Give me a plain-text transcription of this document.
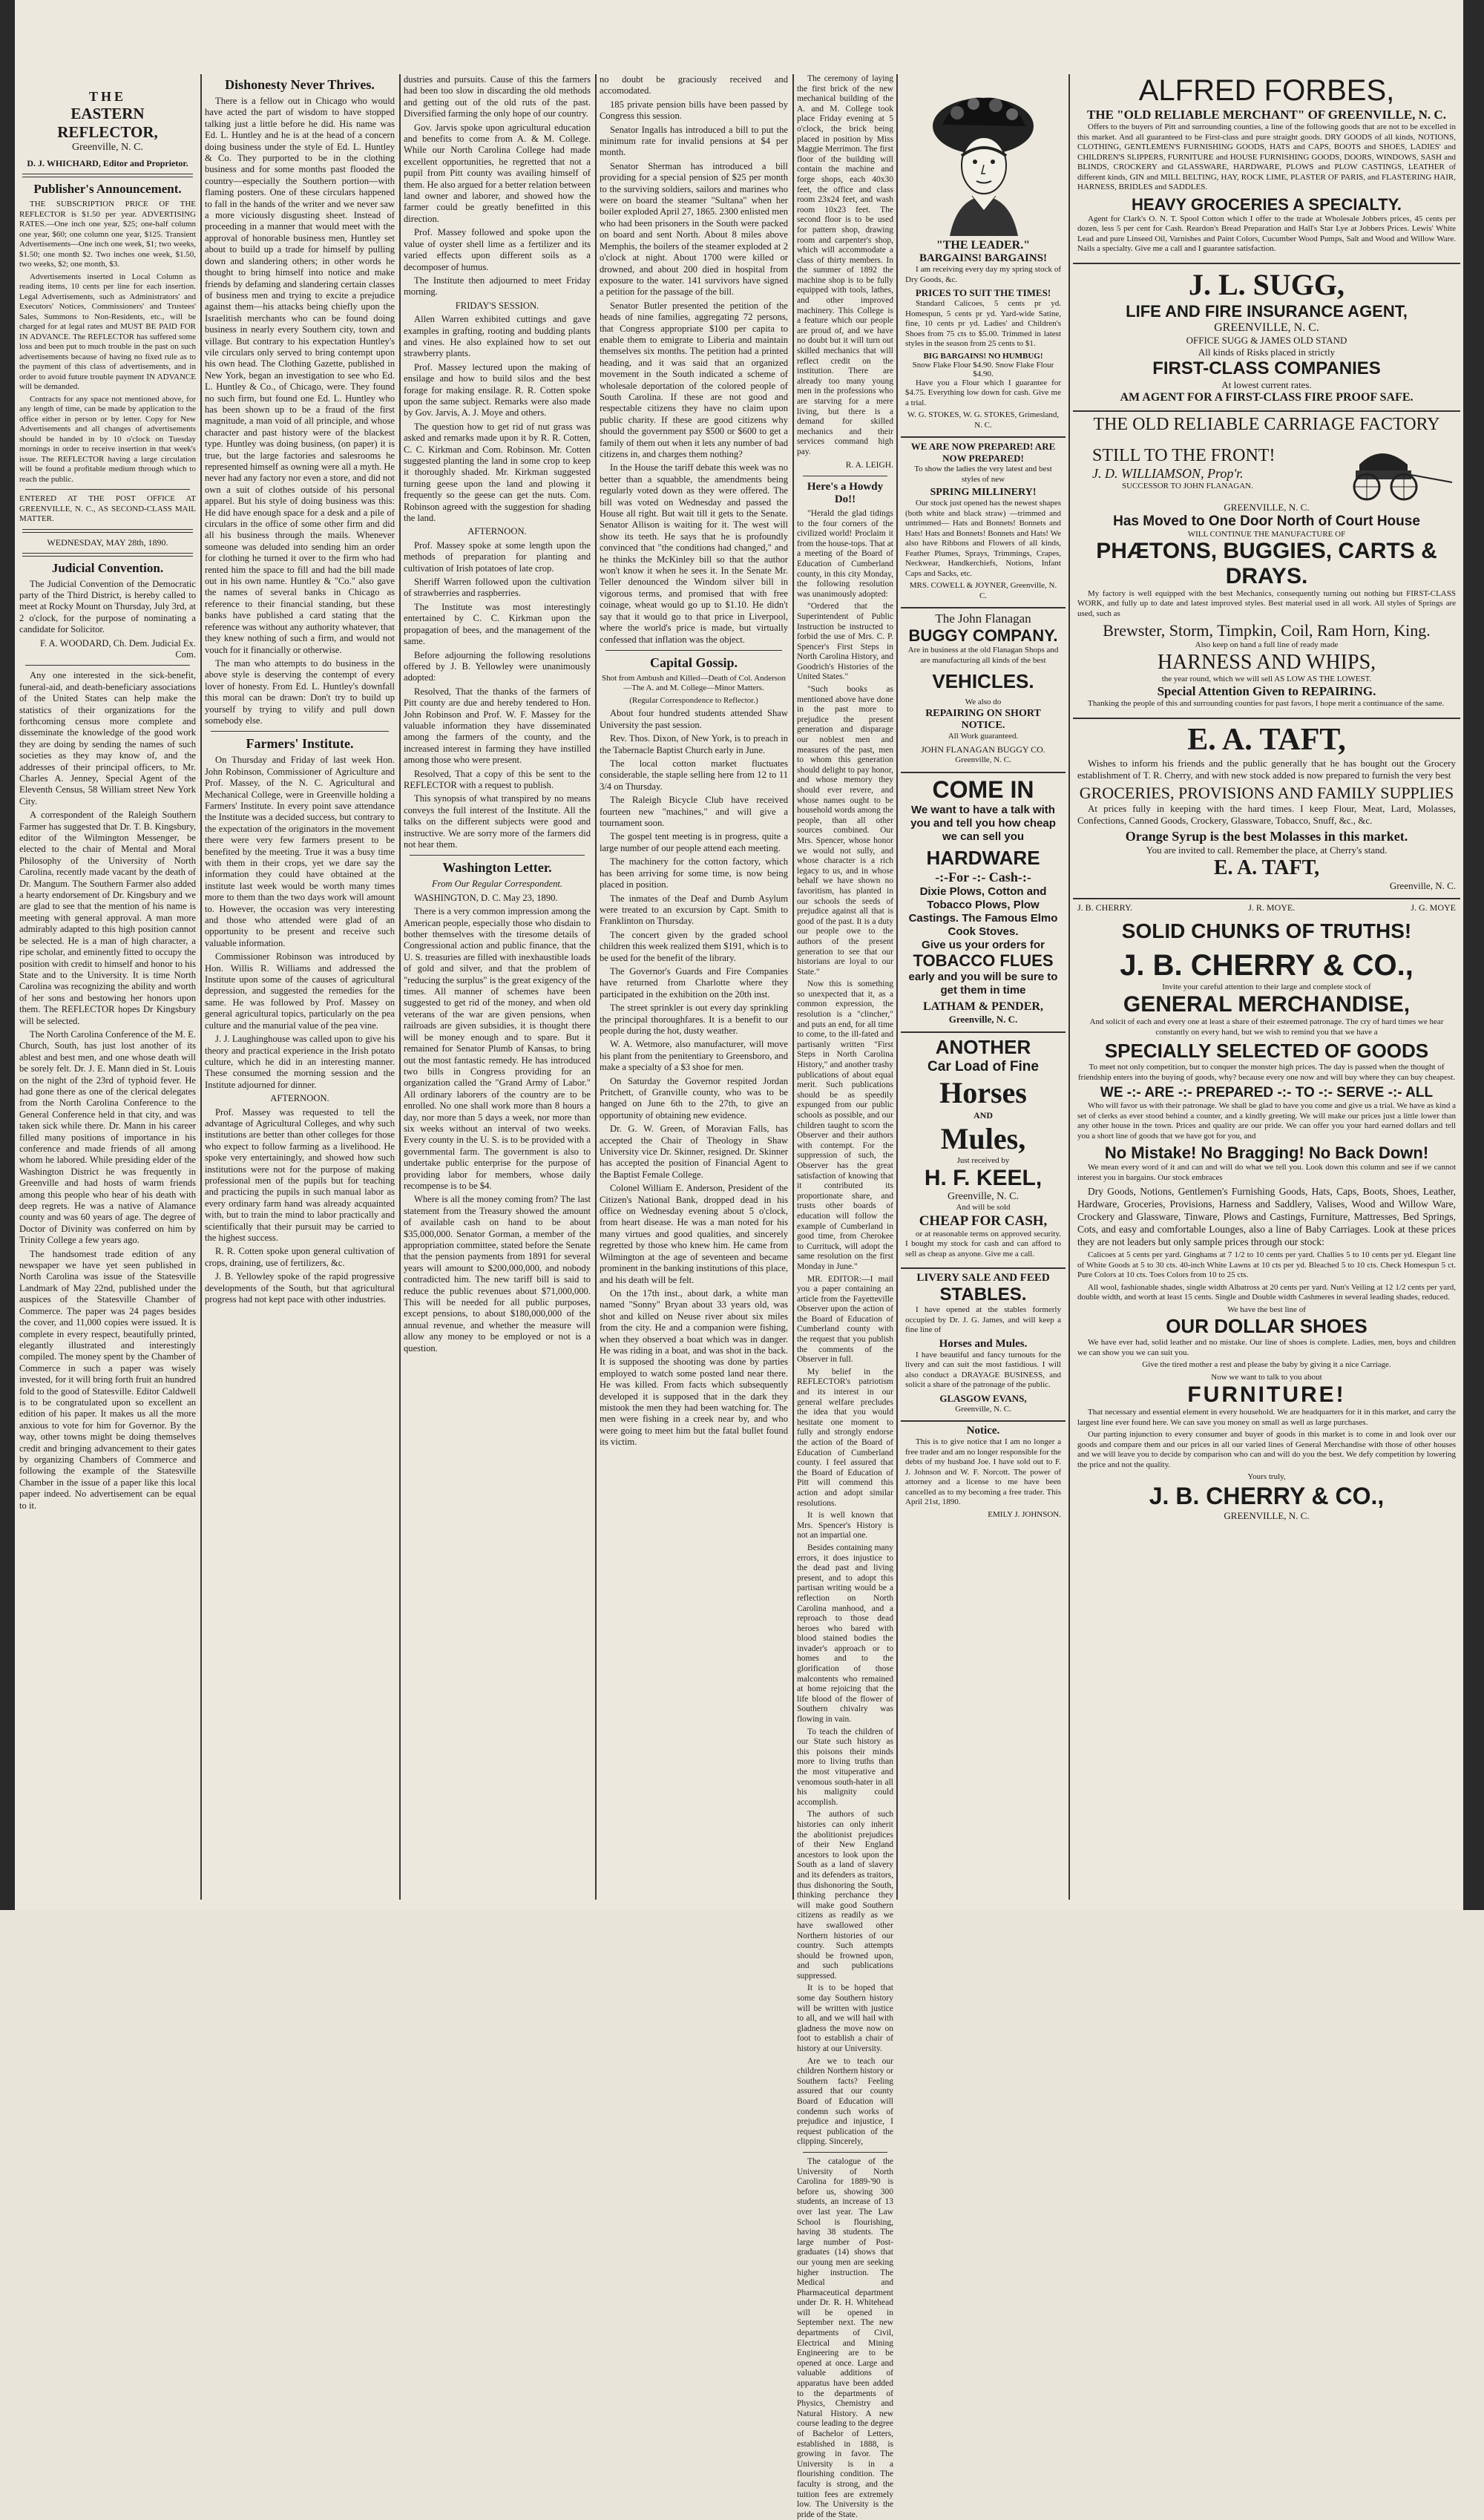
THE
EASTERN REFLECTOR,
Greenville, N. C.
D. J. WHICHARD, Editor and Proprietor.
Publisher's Announcement.

THE SUBSCRIPTION PRICE OF THE REFLECTOR is $1.50 per year. ADVERTISING RATES.—One inch one year, $25; one-half column one year, $60; one column one year, $125. Transient Advertisements—One inch one week, $1; two weeks, $1.50; one month $2. Two inches one week, $1.50, two weeks, $2; one month, $3.

Advertisements inserted in Local Column as reading items, 10 cents per line for each insertion. Legal Advertisements, such as Administrators' and Executors' Notices, Commissioners' and Trustees' Sales, Summons to Non-Residents, etc., will be charged for at legal rates and MUST BE PAID FOR IN ADVANCE. The REFLECTOR has suffered some loss and been put to much trouble in the past on such advertisements because of having no fixed rule as to the payment of this class of advertisements, and in order to avoid future trouble payment IN ADVANCE will be demanded.

Contracts for any space not mentioned above, for any length of time, can be made by application to the office either in person or by letter. Copy for New Advertisements and all changes of advertisements should be handed in by 10 o'clock on Tuesday mornings in order to receive insertion in that week's issue. The REFLECTOR having a large circulation will be found a profitable medium through which to reach the public.

ENTERED AT THE POST OFFICE AT GREENVILLE, N. C., AS SECOND-CLASS MAIL MATTER.

WEDNESDAY, MAY 28th, 1890.
Judicial Convention.

The Judicial Convention of the Democratic party of the Third District, is hereby called to meet at Rocky Mount on Thursday, July 3rd, at 2 o'clock, for the purpose of nominating a candidate for Solicitor.

F. A. WOODARD, Ch. Dem. Judicial Ex. Com.

Any one interested in the sick-benefit, funeral-aid, and death-beneficiary associations of the United States can help make the statistics of their organizations for the forthcoming census more complete and disseminate the knowledge of the good work they are doing by sending the names of such societies as they may know of, and the addresses of their principal officers, to Mr. Charles A. Jenney, Special Agent of the Eleventh Census, 58 William street New York City.

A correspondent of the Raleigh Southern Farmer has suggested that Dr. T. B. Kingsbury, editor of the Wilmington Messenger, be elected to the chair of Mental and Moral Philosophy of the University of North Carolina, recently made vacant by the death of Dr. Mangum. The Southern Farmer also added a hearty endorsement of Dr. Kingsbury and we are glad to see that the mention of his name is meeting with general approval. A man more admirably adapted to this high position cannot be selected. He is a man of high character, a ripe scholar, and eminently fitted to occupy the position with credit to himself and honor to his State and to the University. It is time North Carolina was recognizing the ability and worth of her sons and bestowing her honors upon them. The REFLECTOR hopes Dr Kingsbury will be selected.

The North Carolina Conference of the M. E. Church, South, has just lost another of its ablest and best men, and one whose death will be sorely felt. Dr. J. E. Mann died in St. Louis on the night of the 23rd of typhoid fever. He had gone there as one of the clerical delegates from the North Carolina Conference to the General Conference held in that city, and was taken sick while there. Dr. Mann in his career filled many positions of importance in his conference and made friends of all among whom he labored. While presiding elder of the Washington District he was frequently in Greenville and had hosts of warm friends among this people who hear of his death with deep regrets. He was a native of Alamance county and was 60 years of age. The degree of Doctor of Divinity was conferred on him by Trinity College a few years ago.

The handsomest trade edition of any newspaper we have yet seen published in North Carolina was issue of the Statesville Landmark of May 22nd, published under the auspices of the Statesville Chamber of Commerce. The paper was 24 pages besides the cover, and 11,000 copies were issued. It is complete in every respect, beautifully printed, elegantly illustrated and interestingly compiled. The money spent by the Chamber of Commerce in such a paper was wisely invested, for it will bring forth fruit an hundred fold to the good of Statesville. Editor Caldwell is to be congratulated upon so excellent an edition of his paper. It makes us all the more anxious to vote for him for Governor. By the way, other towns might be doing themselves credit and bringing advancement to their gates by organizing Chambers of Commerce and following the example of the Statesville Chamber in the issue of a paper like this local paper indeed. No advertisement can be equal to it.

Dishonesty Never Thrives.

There is a fellow out in Chicago who would have acted the part of wisdom to have stopped talking just a little before he did. His name was Ed. L. Huntley and he is at the head of a concern doing business under the style of Ed. L. Huntley & Co. They purported to be in the clothing business and for some months past flooded the country—especially the Southern portion—with flaming posters. One of these circulars happened to fall in the hands of the writer and we never saw a more viciously disgusting sheet. Instead of proceeding in a manner that would meet with the approval of honorable business men, Huntley set about to build up a trade for himself by pulling down and slandering others; in other words he thought to bring himself into notice and make friends by defaming and slandering certain classes of business men and trying to excite a prejudice against them—his attacks being chiefly upon the Israelitish merchants who can be found doing business in nearly every Southern city, town and village. But contrary to his expectation Huntley's vile circulars only served to bring contempt upon his own head. The Clothing Gazette, published in New York, began an investigation to see who Ed. L. Huntley & Co., of Chicago, were. They found no such firm, but found one Ed. L. Huntley who has been shown up to be a fraud of the first magnitude, a man void of all principle, and whose character and past history were of the blackest type. Huntley was doing business, (on paper) it is true, but the large factories and salesrooms he represented himself as owning were all a myth. He never had any factory nor even a store, and did not own a suit of clothes outside of his personal apparel. But his style of doing business was this: He did have enough space for a desk and a pile of circulars in the office of some other firm and did all his business through the mails. Whenever someone was deluded into sending him an order for clothing he turned it over to the firm who had rented him the space to fill and had the bill made out in his own name. Huntley & "Co." also gave the names of several banks in Chicago as reference to their financial standing, but these banks have published a card stating that the reference was without any authority whatever, that they knew nothing of such a firm, and would not vouch for it financially or otherwise.

The man who attempts to do business in the above style is deserving the contempt of every lover of honesty. From Ed. L. Huntley's downfall this moral can be drawn: Don't try to build up yourself by trying to vilify and pull down somebody else.

Farmers' Institute.

On Thursday and Friday of last week Hon. John Robinson, Commissioner of Agriculture and Prof. Massey, of the N. C. Agricultural and Mechanical College, were in Greenville holding a Farmers' Institute. In every point save attendance the Institute was a decided success, but contrary to the expectation of the originators in the movement there were very few farmers present to be benefited by the meeting. True it was a busy time with them in their crops, yet we dare say the information they could have obtained at the institute last week would be worth many times more to them than the two days work will amount to. However, the occasion was very interesting and those who attended were glad of an opportunity to be present and receive such valuable information.

Commissioner Robinson was introduced by Hon. Willis R. Williams and addressed the Institute upon some of the causes of agricultural depression, and suggested the remedies for the same. He was followed by Prof. Massey on general agricultural topics, particularly on the pea culture and the manurial value of the pea vine.

J. J. Laughinghouse was called upon to give his theory and practical experience in the Irish potato culture, which he did in an interesting manner. These consumed the morning session and the Institute adjourned for dinner.

AFTERNOON.

Prof. Massey was requested to tell the advantage of Agricultural Colleges, and why such institutions are better than other colleges for those who expect to follow farming as a livelihood. He spoke very entertainingly, and showed how such institutions were not for the purpose of making professional men of the pupils but for teaching and practicing the pupils in such manual labor as every ordinary farm hand was already acquainted with, but to train the mind to labor practically and scientifically that their pursuit may be carried to the highest success.

R. R. Cotten spoke upon general cultivation of crops, draining, use of fertilizers, &c.

J. B. Yellowley spoke of the rapid progressive developments of the South, but that agricultural progress had not kept pace with other industries.

dustries and pursuits. Cause of this the farmers had been too slow in discarding the old methods and getting out of the old ruts of the past. Diversified farming the only hope of our country.

Gov. Jarvis spoke upon agricultural education and benefits to come from A. & M. College. While our North Carolina College had made excellent opportunities, he regretted that not a pupil from Pitt county was availing himself of them. He also argued for a better relation between land owner and laborer, and showed how the farmer could be greatly benefitted in this direction.

Prof. Massey followed and spoke upon the value of oyster shell lime as a fertilizer and its varied effects upon different soils as a decomposer of humus.

The Institute then adjourned to meet Friday morning.

FRIDAY'S SESSION.

Allen Warren exhibited cuttings and gave examples in grafting, rooting and budding plants and vines. He also explained how to set out strawberry plants.

Prof. Massey lectured upon the making of ensilage and how to build silos and the best forage for making ensilage. R. R. Cotten spoke upon the same subject. Remarks were also made by Gov. Jarvis, A. J. Moye and others.

The question how to get rid of nut grass was asked and remarks made upon it by R. R. Cotten, C. C. Kirkman and Com. Robinson. Mr. Cotten suggested planting the land in some crop to keep it thoroughly shaded. Mr. Kirkman suggested turning geese upon the land and plowing it frequently so the geese can get the nuts. Com. Robinson agreed with the suggestion for shading the land.

AFTERNOON.

Prof. Massey spoke at some length upon the methods of preparation for planting and cultivation of Irish potatoes of late crop.

Sheriff Warren followed upon the cultivation of strawberries and raspberries.

The Institute was most interestingly entertained by C. C. Kirkman upon the propagation of bees, and the management of the same.

Before adjourning the following resolutions offered by J. B. Yellowley were unanimously adopted:

Resolved, That the thanks of the farmers of Pitt county are due and hereby tendered to Hon. John Robinson and Prof. W. F. Massey for the valuable information they have disseminated among the farmers of the county, and the increased interest in farming they have instilled among those who were present.

Resolved, That a copy of this be sent to the REFLECTOR with a request to publish.

This synopsis of what transpired by no means conveys the full interest of the Institute. All the talks on the different subjects were good and instructive. We are sorry more of the farmers did not hear them.

Washington Letter.

From Our Regular Correspondent.

WASHINGTON, D. C. May 23, 1890.

There is a very common impression among the American people, especially those who disdain to bother themselves with the tiresome details of Congressional action and public finance, that the U. S. treasuries are filled with inexhaustible loads of gold and silver, and that the problem of "reducing the surplus" is the great exigency of the times. All manner of schemes have been suggested to get rid of the money, and when old veterans of the war are given pensions, when railroads are given subsidies, it is thought there will be money enough and to spare. But it remained for Senator Plumb of Kansas, to bring out the most fantastic remedy. He has introduced two bills in Congress providing for an organization called the "Grand Army of Labor." All ordinary laborers of the country are to be enrolled. No one shall work more than 8 hours a day, nor more than 5 days a week, nor more than six weeks without an interval of two weeks. Every county in the U. S. is to be provided with a governmental farm. The government is also to undertake public enterprise for the purpose of providing labor for members, whose daily recompense is to be $4.

Where is all the money coming from? The last statement from the Treasury showed the amount of available cash on hand to be about $35,000,000. Senator Gorman, a member of the appropriation committee, stated before the Senate that the pension payments from 1891 for several years will amount to $200,000,000, and nobody contradicted him. The new tariff bill is said to reduce the public revenues about $71,000,000. This will be needed for all public purposes, except pensions, to about $180,000,000 of the annual revenue, and whether the measure will allow any money to be employed or not is a question.

no doubt be graciously received and accomodated.

185 private pension bills have been passed by Congress this session.

Senator Ingalls has introduced a bill to put the minimum rate for invalid pensions at $4 per month.

Senator Sherman has introduced a bill providing for a special pension of $25 per month to the surviving soldiers, sailors and marines who were on board the steamer "Sultana" when her boiler exploded April 27, 1865. 2300 enlisted men who had been prisoners in the South were packed on board and sent North. About 8 miles above Memphis, the boilers of the steamer exploded at 2 o'clock at night. About 1700 were killed or drowned, and about 200 died in hospital from exposure to the water. 141 survivors have signed a petition for the passage of the bill.

Senator Butler presented the petition of the heads of nine families, aggregating 72 persons, that Congress appropriate $100 per capita to enable them to emigrate to Liberia and maintain themselves six months. The petition had a printed heading, and it was said that an organized movement in the South indicated a scheme of wholesale deportation of the colored people of South Carolina. If these are not good and respectable citizens they have no claim upon public charity. If these are good citizens why should the government pay $500 or $600 to get a family of them out when it lets any number of bad citizens in, and charges them nothing?

In the House the tariff debate this week was no better than a squabble, the amendments being regularly voted down as they were offered. The bill was voted on Wednesday and passed the House all right. But wait till it gets to the Senate. Senator Allison is waiting for it. The west will show its teeth. He says that he is profoundly convinced that "the conditions had changed," and he thinks the McKinley bill so that the author won't know it when he sees it. In the Senate Mr. Teller denounced the Windom silver bill in vigorous terms, and promised that with free coinage, wheat would go up to $1.10. He didn't say that it would go to that price in Liverpool, where the world's price is made, but virtually confessed that inflation was the object.

Capital Gossip.

Shot from Ambush and Killed—Death of Col. Anderson—The A. and M. College—Minor Matters.

(Regular Correspondence to Reflector.)

About four hundred students attended Shaw University the past session.

Rev. Thos. Dixon, of New York, is to preach in the Tabernacle Baptist Church early in June.

The local cotton market fluctuates considerable, the staple selling here from 12 to 11 3/4 on Thursday.

The Raleigh Bicycle Club have received fourteen new "machines," and will give a tournament soon.

The gospel tent meeting is in progress, quite a large number of our people attend each meeting.

The machinery for the cotton factory, which has been arriving for some time, is now being placed in position.

The inmates of the Deaf and Dumb Asylum were treated to an excursion by Capt. Smith to Franklinton on Thursday.

The concert given by the graded school children this week realized them $191, which is to be used for the benefit of the library.

The Governor's Guards and Fire Companies have returned from Charlotte where they participated in the exhibition on the 20th inst.

The street sprinkler is out every day sprinkling the principal thoroughfares. It is a benefit to our people during the hot, dusty weather.

W. A. Wetmore, also manufacturer, will move his plant from the penitentiary to Greensboro, and make a specialty of a $3 shoe for men.

On Saturday the Governor respited Jordan Pritchett, of Granville county, who was to be hanged on June 6th to the 27th, to give an opportunity of obtaining new evidence.

Dr. G. W. Green, of Moravian Falls, has accepted the Chair of Theology in Shaw University vice Dr. Skinner, resigned. Dr. Skinner has accepted the position of Financial Agent to the Baptist Female College.

Colonel William E. Anderson, President of the Citizen's National Bank, dropped dead in his office on Wednesday evening about 5 o'clock, from heart disease. He was a man noted for his many virtues and good qualities, and sincerely regretted by those who knew him. He came from Wilmington at the age of seventeen and became prominent in the banking institutions of this place, and his death will be felt.

On the 17th inst., about dark, a white man named "Sonny" Bryan about 33 years old, was shot and killed on Neuse river about six miles from the city. He and a companion were fishing, when they observed a boat which was in danger. He was riding in a boat, and was shot in the back. It is supposed the shooting was done by parties employed to watch some posted land near there. He was killed. From facts which subsequently developed it is supposed that in the dark they mistook the men they had been watching for. The men were fishing in a creek near by, and who were going to meet him but the fatal bullet found its victim.

The ceremony of laying the first brick of the new mechanical building of the A. and M. College took place Friday evening at 5 o'clock, the brick being placed in position by Miss Maggie Merrimon. The first floor of the building will contain the machine and forge shops, each 40x30 feet, the office and class room 23x24 feet, and wash room 10x23 feet. The second floor is to be used for pattern shop, drawing room and carpenter's shop, which will accommodate a class of thirty members. In the summer of 1892 the machine shop is to be fully equipped with tools, lathes, and other improved machinery. This College is a feature which our people are proud of, and we have no doubt but it will turn out skilled mechanics that will reflect credit on the institution. There are already too many young men in the professions who are starving for a mere living, but there is a demand for skilled mechanics and their services command high pay.

R. A. LEIGH.

Here's a Howdy Do!!

"Herald the glad tidings to the four corners of the civilized world! Proclaim it from the house-tops. That at a meeting of the Board of Education of Cumberland county, in this city Monday, the following resolution was unanimously adopted:

"Ordered that the Superintendent of Public Instruction be instructed to forbid the use of Mrs. C. P. Spencer's First Steps in North Carolina History, and Goodrich's Histories of the United States."

"Such books as mentioned above have done in the past more to prejudice the present generation and disparage our noblest men and measures of the past, men to whom this generation should delight to pay honor, and whose memory they should ever revere, and whose names ought to be household words among the people, than all other sources combined. Our Mrs. Spencer, whose honor we would not sully, and whose character is a rich legacy to us, and in whose behalf we have shown no favoritism, has planted in our schools the seeds of prejudice against all that is good of the past. It is a duty our people owe to the authors of the present generation to see that our historians are loyal to our State."

Now this is something so unexpected that it, as a common expression, the resolution is a "clincher," and puts an end, for all time to come, to the ill-fated and partisanly written "First Steps in North Carolina History," and another trashy publications of about equal merit. Such publications should be as speedily expunged from our public schools as possible, and our children taught to scorn the Observer and their authors with contempt. For the suppression of such, the Observer has the great satisfaction of knowing that it contributed its proportionate share, and trusts other boards of education will follow the example of Cumberland in good time, from Cherokee to Currituck, will adopt the same resolution on the first Monday in June."

MR. EDITOR:—I mail you a paper containing an article from the Fayetteville Observer upon the action of the Board of Education of Cumberland county with the request that you publish the comments of the Observer in full.

My belief in the REFLECTOR's patriotism and its interest in our general welfare precludes the idea that you would hesitate one moment to fully and strongly endorse the action of the Board of Education of Cumberland county. I feel assured that the Board of Education of Pitt will commend this action and adopt similar resolutions.

It is well known that Mrs. Spencer's History is not an impartial one.

Besides containing many errors, it does injustice to the dead past and living present, and to adopt this partisan writing would be a reflection on North Carolina manhood, and a reproach to those dead heroes who bared with blood stained bodies the invader's approach or to homes and to the glorification of those malcontents who remained at home rejoicing that the life blood of the flower of Southern chivalry was flowing in vain.

To teach the children of our State such history as this poisons their minds more to living truths than the most vituperative and venomous south-hater in all his malignity could accomplish.

The authors of such histories can only inherit the abolitionist prejudices of their New England ancestors to look upon the South as a land of slavery and its defenders as traitors, thus dishonoring the South, thinking perchance they will make good Southern citizens as readily as we have swallowed other Northern histories of our country. Such attempts should be frowned upon, and such publications suppressed.

It is to be hoped that some day Southern history will be written with justice to all, and we will hail with gladness the move now on foot to establish a chair of history at our University.

Are we to teach our children Northern history or Southern facts? Feeling assured that our county Board of Education will condemn such works of prejudice and injustice, I request publication of the clipping. Sincerely,

The catalogue of the University of North Carolina for 1889-'90 is before us, showing 300 students, an increase of 13 over last year. The Law School is flourishing, having 38 students. The large number of Post-graduates (14) shows that our young men are seeking higher instruction. The Medical and Pharmaceutical department under Dr. R. H. Whitehead will be opened in September next. The new departments of Civil, Electrical and Mining Engineering are to be opened at once. Large and valuable additions of apparatus have been added to the departments of Physics, Chemistry and Natural History. A new course leading to the degree of Bachelor of Letters, established in 1888, is growing in favor. The University is in a flourishing condition. The faculty is strong, and the tuition fees are extremely low. The University is the pride of the State.

"THE LEADER."
BARGAINS! BARGAINS!

I am receiving every day my spring stock of Dry Goods, &c.

PRICES TO SUIT THE TIMES!

Standard Calicoes, 5 cents pr yd. Homespun, 5 cents pr yd. Yard-wide Satine, fine, 10 cents pr yd. Ladies' and Children's Shoes from 75 cts to $5.00. Trimmed in latest styles in the season from 25 cents to $1.

BIG BARGAINS! NO HUMBUG!
Snow Flake Flour $4.90. Snow Flake Flour $4.90.

Have you a Flour which I guarantee for $4.75. Everything low down for cash. Give me a trial.

W. G. STOKES, W. G. STOKES, Grimesland, N. C.
WE ARE NOW PREPARED! ARE NOW PREPARED!

To show the ladies the very latest and best styles of new

SPRING MILLINERY!

Our stock just opened has the newest shapes (both white and black straw) —trimmed and untrimmed— Hats and Bonnets! Bonnets and Hats! Hats and Bonnets! Bonnets and Hats! We also have Ribbons and Flowers of all kinds, Feather Plumes, Sprays, Trimmings, Crapes, Neckwear, Handkerchiefs, Notions, Infant Caps and Sacks, etc.

MRS. COWELL & JOYNER, Greenville, N. C.
The John Flanagan
BUGGY COMPANY.

Are in business at the old Flanagan Shops and are manufacturing all kinds of the best

VEHICLES.
We also do
REPAIRING ON SHORT NOTICE.
All Work guaranteed.
JOHN FLANAGAN BUGGY CO.
Greenville, N. C.
COME IN
We want to have a talk with you and tell you how cheap we can sell you
HARDWARE
-:-For -:- Cash-:-
Dixie Plows, Cotton and Tobacco Plows, Plow Castings. The Famous Elmo Cook Stoves.
Give us your orders for
TOBACCO FLUES
early and you will be sure to get them in time
LATHAM & PENDER,
Greenville, N. C.
ANOTHER
Car Load of Fine
Horses
AND
Mules,
Just received by
H. F. KEEL,
Greenville, N. C.
And will be sold
CHEAP FOR CASH,

or at reasonable terms on approved security. I bought my stock for cash and can afford to sell as cheap as anyone. Give me a call.

LIVERY SALE AND FEED
STABLES.

I have opened at the stables formerly occupied by Dr. J. G. James, and will keep a fine line of

Horses and Mules.

I have beautiful and fancy turnouts for the livery and can suit the most fastidious. I will also conduct a DRAYAGE BUSINESS, and solicit a share of the patronage of the public.

GLASGOW EVANS,
Greenville, N. C.
Notice.

This is to give notice that I am no longer a free trader and am no longer responsible for the debts of my husband Joe. I have sold out to F. J. Johnson and W. F. Norcott. The power of attorney and a license to me have been cancelled as to my becoming a free trader. This April 21st, 1890.

EMILY J. JOHNSON.
ALFRED FORBES,
THE "OLD RELIABLE MERCHANT" OF GREENVILLE, N. C.

Offers to the buyers of Pitt and surrounding counties, a line of the following goods that are not to be excelled in this market. And all guaranteed to be First-class and pure straight goods. DRY GOODS of all kinds, NOTIONS, CLOTHING, GENTLEMEN'S FURNISHING GOODS, HATS and CAPS, BOOTS and SHOES, LADIES' and CHILDREN'S SLIPPERS, FURNITURE and HOUSE FURNISHING GOODS, DOORS, WINDOWS, SASH and BLINDS, CROCKERY and GLASSWARE, HARDWARE, PLOWS and PLOW CASTINGS, LEATHER of different kinds, GIN and MILL BELTING, HAY, ROCK LIME, PLASTER OF PARIS, and FLASTERING HAIR, HARNESS, BRIDLES and SADDLES.

HEAVY GROCERIES A SPECIALTY.

Agent for Clark's O. N. T. Spool Cotton which I offer to the trade at Wholesale Jobbers prices, 45 cents per dozen, less 5 per cent for Cash. Reardon's Bread Preparation and Hall's Star Lye at Jobbers Prices. Lewis' White Lead and pure Linseed Oil, Varnishes and Paint Colors, Cucumber Wood Pumps, Salt and Wood and Willow Ware. Nails a specialty. Give me a call and I guarantee satisfaction.

J. L. SUGG,
LIFE AND FIRE INSURANCE AGENT,
GREENVILLE, N. C.
OFFICE SUGG & JAMES OLD STAND
All kinds of Risks placed in strictly
FIRST-CLASS COMPANIES
At lowest current rates.
AM AGENT FOR A FIRST-CLASS FIRE PROOF SAFE.
THE OLD RELIABLE CARRIAGE FACTORY
STILL TO THE FRONT!
J. D. WILLIAMSON, Prop'r.
SUCCESSOR TO JOHN FLANAGAN.
GREENVILLE, N. C.
Has Moved to One Door North of Court House
WILL CONTINUE THE MANUFACTURE OF
PHÆTONS, BUGGIES, CARTS & DRAYS.

My factory is well equipped with the best Mechanics, consequently turning out nothing but FIRST-CLASS WORK, and fully up to date and latest improved styles. Best material used in all work. All styles of Springs are used, such as

Brewster, Storm, Timpkin, Coil, Ram Horn, King.
Also keep on hand a full line of ready made
HARNESS AND WHIPS,
the year round, which we will sell AS LOW AS THE LOWEST.
Special Attention Given to REPAIRING.

Thanking the people of this and surrounding counties for past favors, I hope merit a continuance of the same.

E. A. TAFT,

Wishes to inform his friends and the public generally that he has bought out the Grocery establishment of T. R. Cherry, and with new stock added is now prepared to furnish the very best

GROCERIES, PROVISIONS AND FAMILY SUPPLIES

At prices fully in keeping with the hard times. I keep Flour, Meat, Lard, Molasses, Confections, Canned Goods, Crockery, Glassware, Tobacco, Snuff, &c., &c.

Orange Syrup is the best Molasses in this market.
You are invited to call. Remember the place, at Cherry's stand.
E. A. TAFT,
Greenville, N. C.
J. B. CHERRY.	J. R. MOYE.	J. G. MOYE
SOLID CHUNKS OF TRUTHS!
J. B. CHERRY & CO.,
Invite your careful attention to their large and complete stock of
GENERAL MERCHANDISE,

And solicit of each and every one at least a share of their esteemed patronage. The cry of hard times we hear constantly on every hand, but we wish to remind you that we have a

SPECIALLY SELECTED OF GOODS

To meet not only competition, but to conquer the monster high prices. The day is passed when the thought of friendship enters into the buying of goods, why? because every one now and will buy where they can buy cheapest.

WE -:- ARE -:- PREPARED -:- TO -:- SERVE -:- ALL

Who will favor us with their patronage. We shall be glad to have you come and give us a trial. We have as kind a set of clerks as ever stood behind a counter, and a kindly greeting. We will make our prices just a little lower than any other house in the town. Prices and quality are our pride. We can offer you your hard earned dollars and tell you a short line of goods that we have got for you, and

No Mistake! No Bragging! No Back Down!

We mean every word of it and can and will do what we tell you. Look down this column and see if we cannot interest you in bargains. Our stock embraces

Dry Goods, Notions, Gentlemen's Furnishing Goods, Hats, Caps, Boots, Shoes, Leather, Hardware, Groceries, Provisions, Harness and Saddlery, Valises, Wood and Willow Ware, Crockery and Glassware, Tinware, Plows and Castings, Furniture, Mattresses, Bed Springs, Cots, and easy and comfortable Lounges, also a line of Baby Carriages. Look at these prices they are not leaders but only sample prices through our stock:

Calicoes at 5 cents per yard. Ginghams at 7 1/2 to 10 cents per yard. Challies 5 to 10 cents per yd. Elegant line of White Goods at 5 to 30 cts. 40-inch White Lawns at 10 cts per yd. Bleached 5 to 10 cts. Check Homespun 5 ct. Pure Colors at 10 cts. Toes Colors from 10 to 25 cts.

All wool, fashionable shades, single width Albatross at 20 cents per yard. Nun's Veiling at 12 1/2 cents per yard, double width, and worth at least 15 cents. Single and Double width Cashmeres in several leading shades, reduced.

We have the best line of
OUR DOLLAR SHOES

We have ever had, solid leather and no mistake. Our line of shoes is complete. Ladies, men, boys and children we can show you we can suit you.

Give the tired mother a rest and please the baby by giving it a nice Carriage.

Now we want to talk to you about
FURNITURE!

That necessary and essential element in every household. We are headquarters for it in this market, and carry the largest line ever found here. We can save you money on small as well as large purchases.

Our parting injunction to every consumer and buyer of goods in this market is to come in and look over our goods and compare them and our prices in all our varied lines of General Merchandise with those of other houses and we will leave you to decide by comparison who can and will do you the best. We defy competition by lowering the price and not the quality.

Yours truly,
J. B. CHERRY & CO.,
GREENVILLE, N. C.
